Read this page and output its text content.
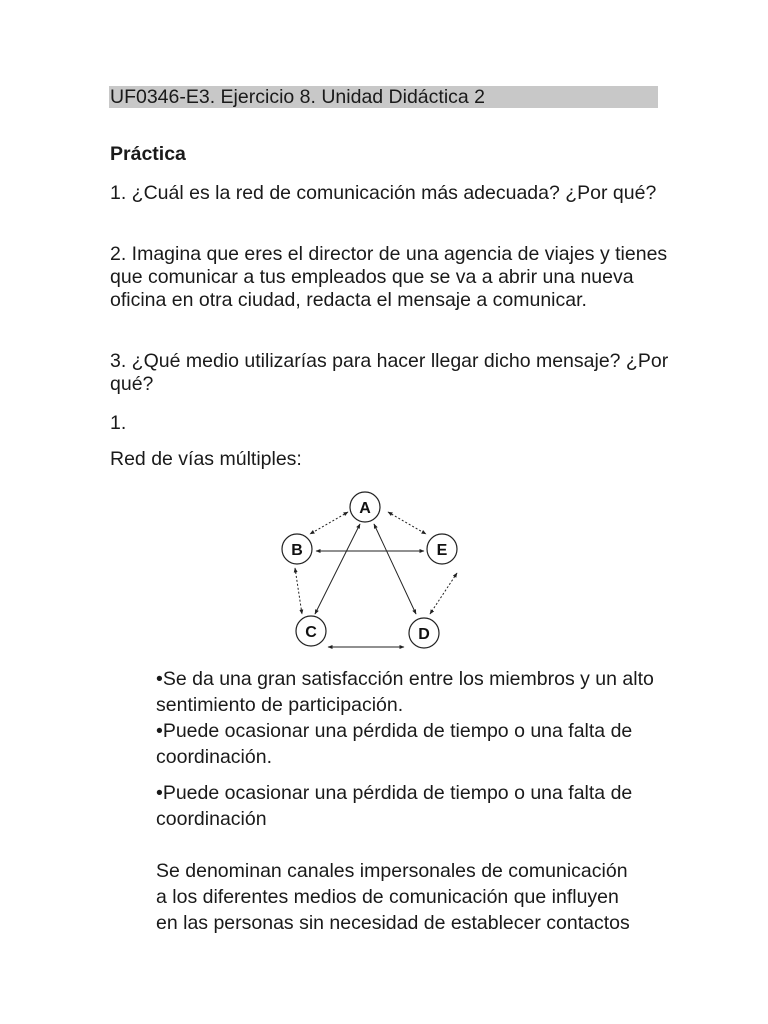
UF0346-E3. Ejercicio 8. Unidad Didáctica 2
Práctica
1. ¿Cuál es la red de comunicación más adecuada? ¿Por qué?
2. Imagina que eres el director de una agencia de viajes y tienes que comunicar a tus empleados que se va a abrir una nueva oficina en otra ciudad, redacta el mensaje a comunicar.
3. ¿Qué medio utilizarías para hacer llegar dicho mensaje? ¿Por qué?
1.
Red de vías múltiples:
A
B	E
C	D
•Se da una gran satisfacción entre los miembros y un alto sentimiento de participación.
•Puede ocasionar una pérdida de tiempo o una falta de coordinación.
•Puede ocasionar una pérdida de tiempo o una falta de coordinación
Se denominan canales impersonales de comunicación
a los diferentes medios de comunicación que influyen
en las personas sin necesidad de establecer contactos
